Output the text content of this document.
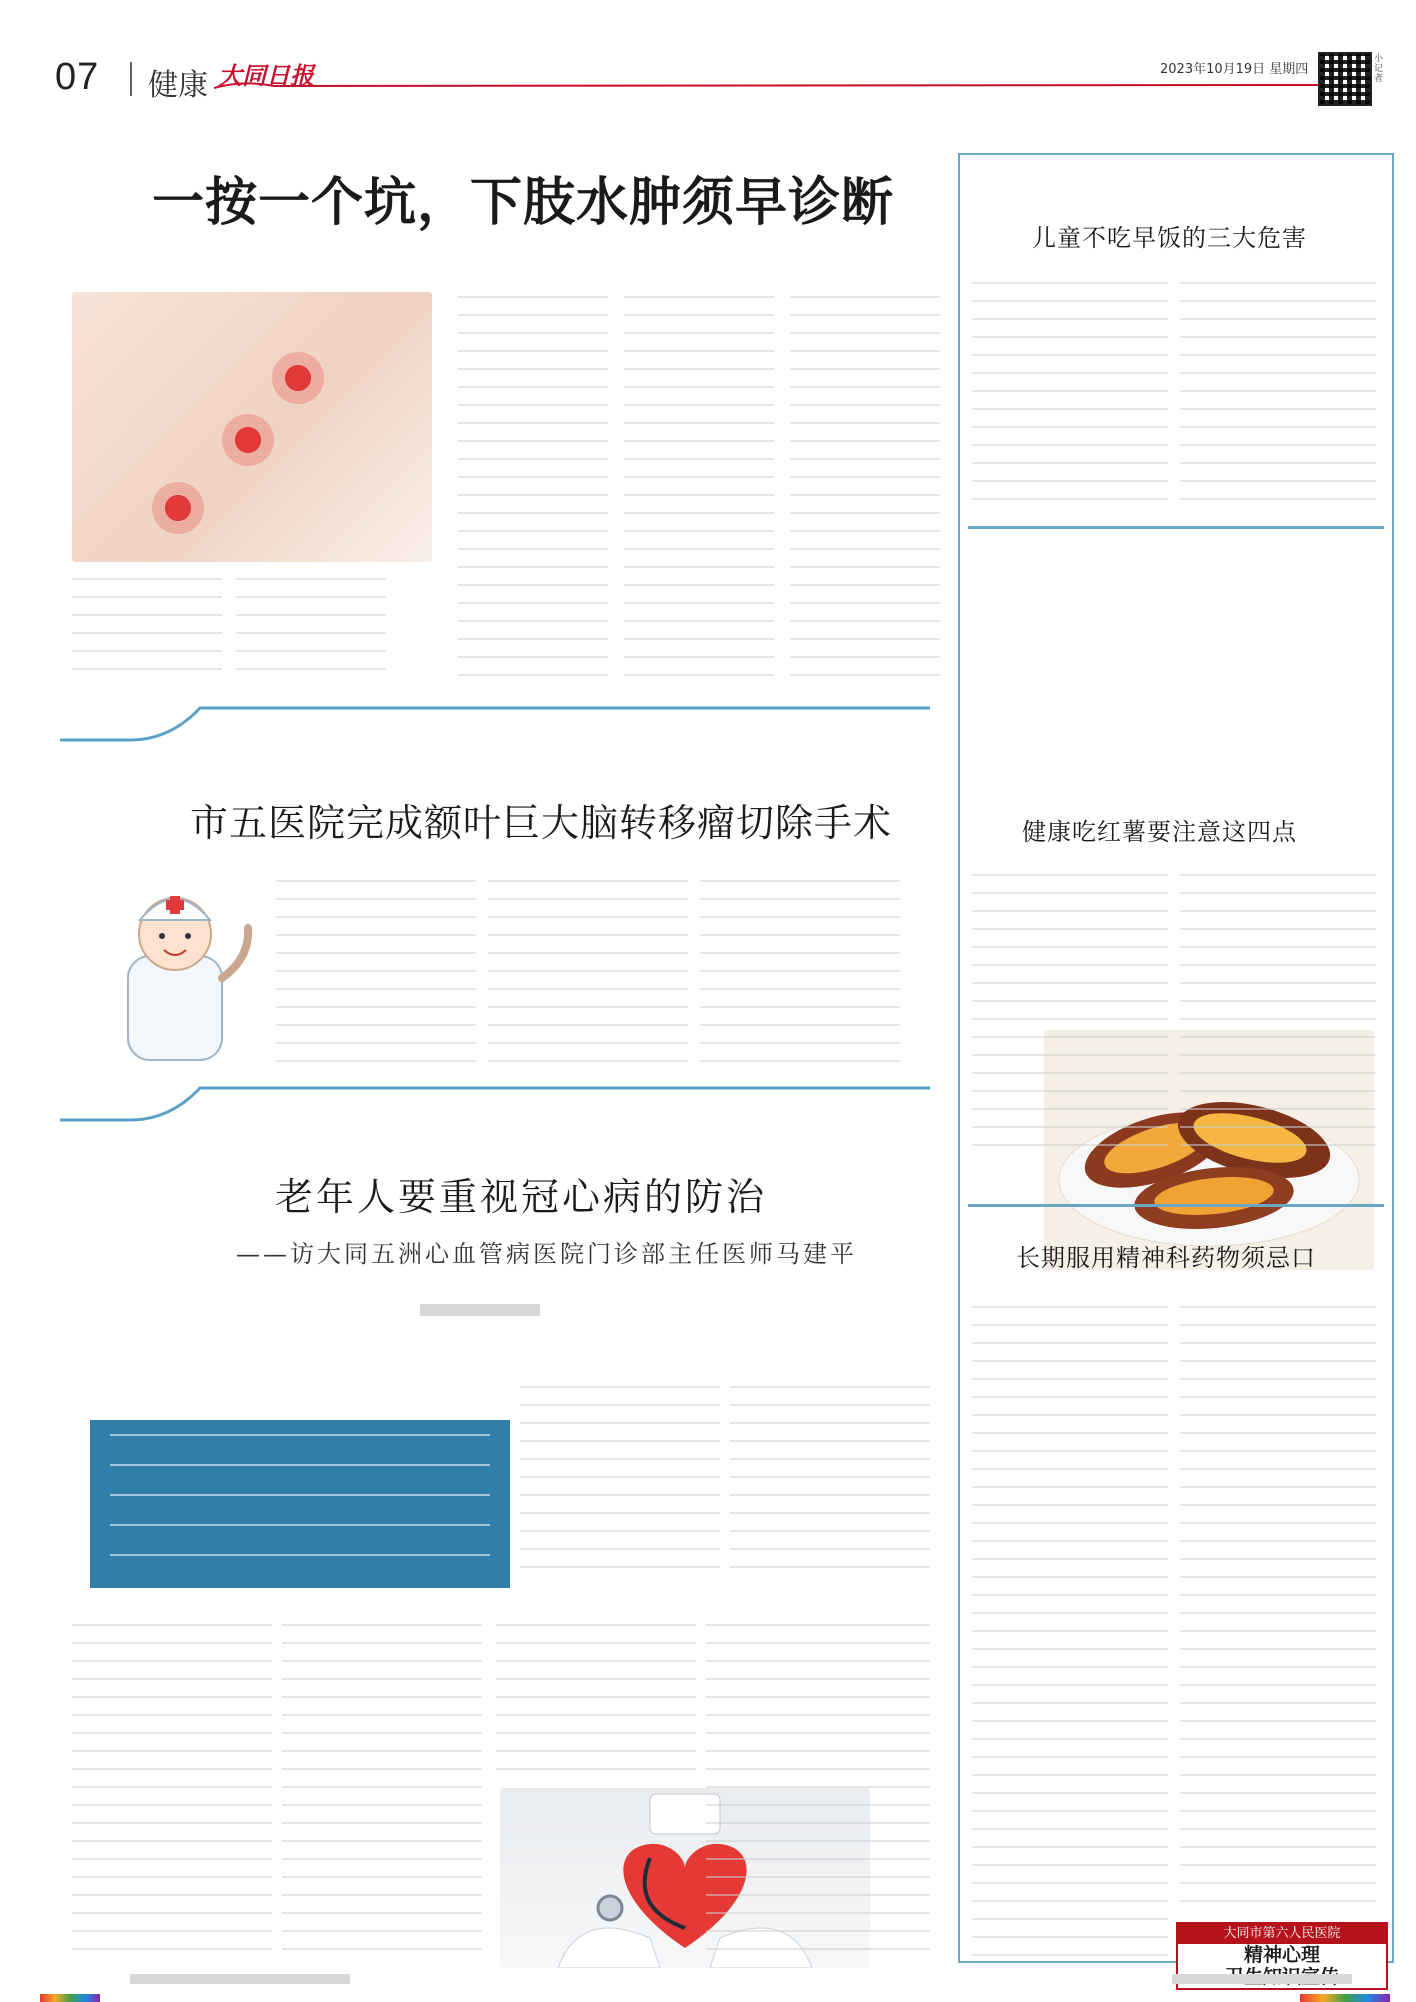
07 健康 大同日报	2023年10月19日 星期四
小记者
一按一个坑，下肢水肿须早诊断
市五医院完成额叶巨大脑转移瘤切除手术
老年人要重视冠心病的防治
——访大同五洲心血管病医院门诊部主任医师马建平
儿童不吃早饭的三大危害
健康吃红薯要注意这四点
长期服用精神科药物须忌口
大同市第六人民医院
精神心理
